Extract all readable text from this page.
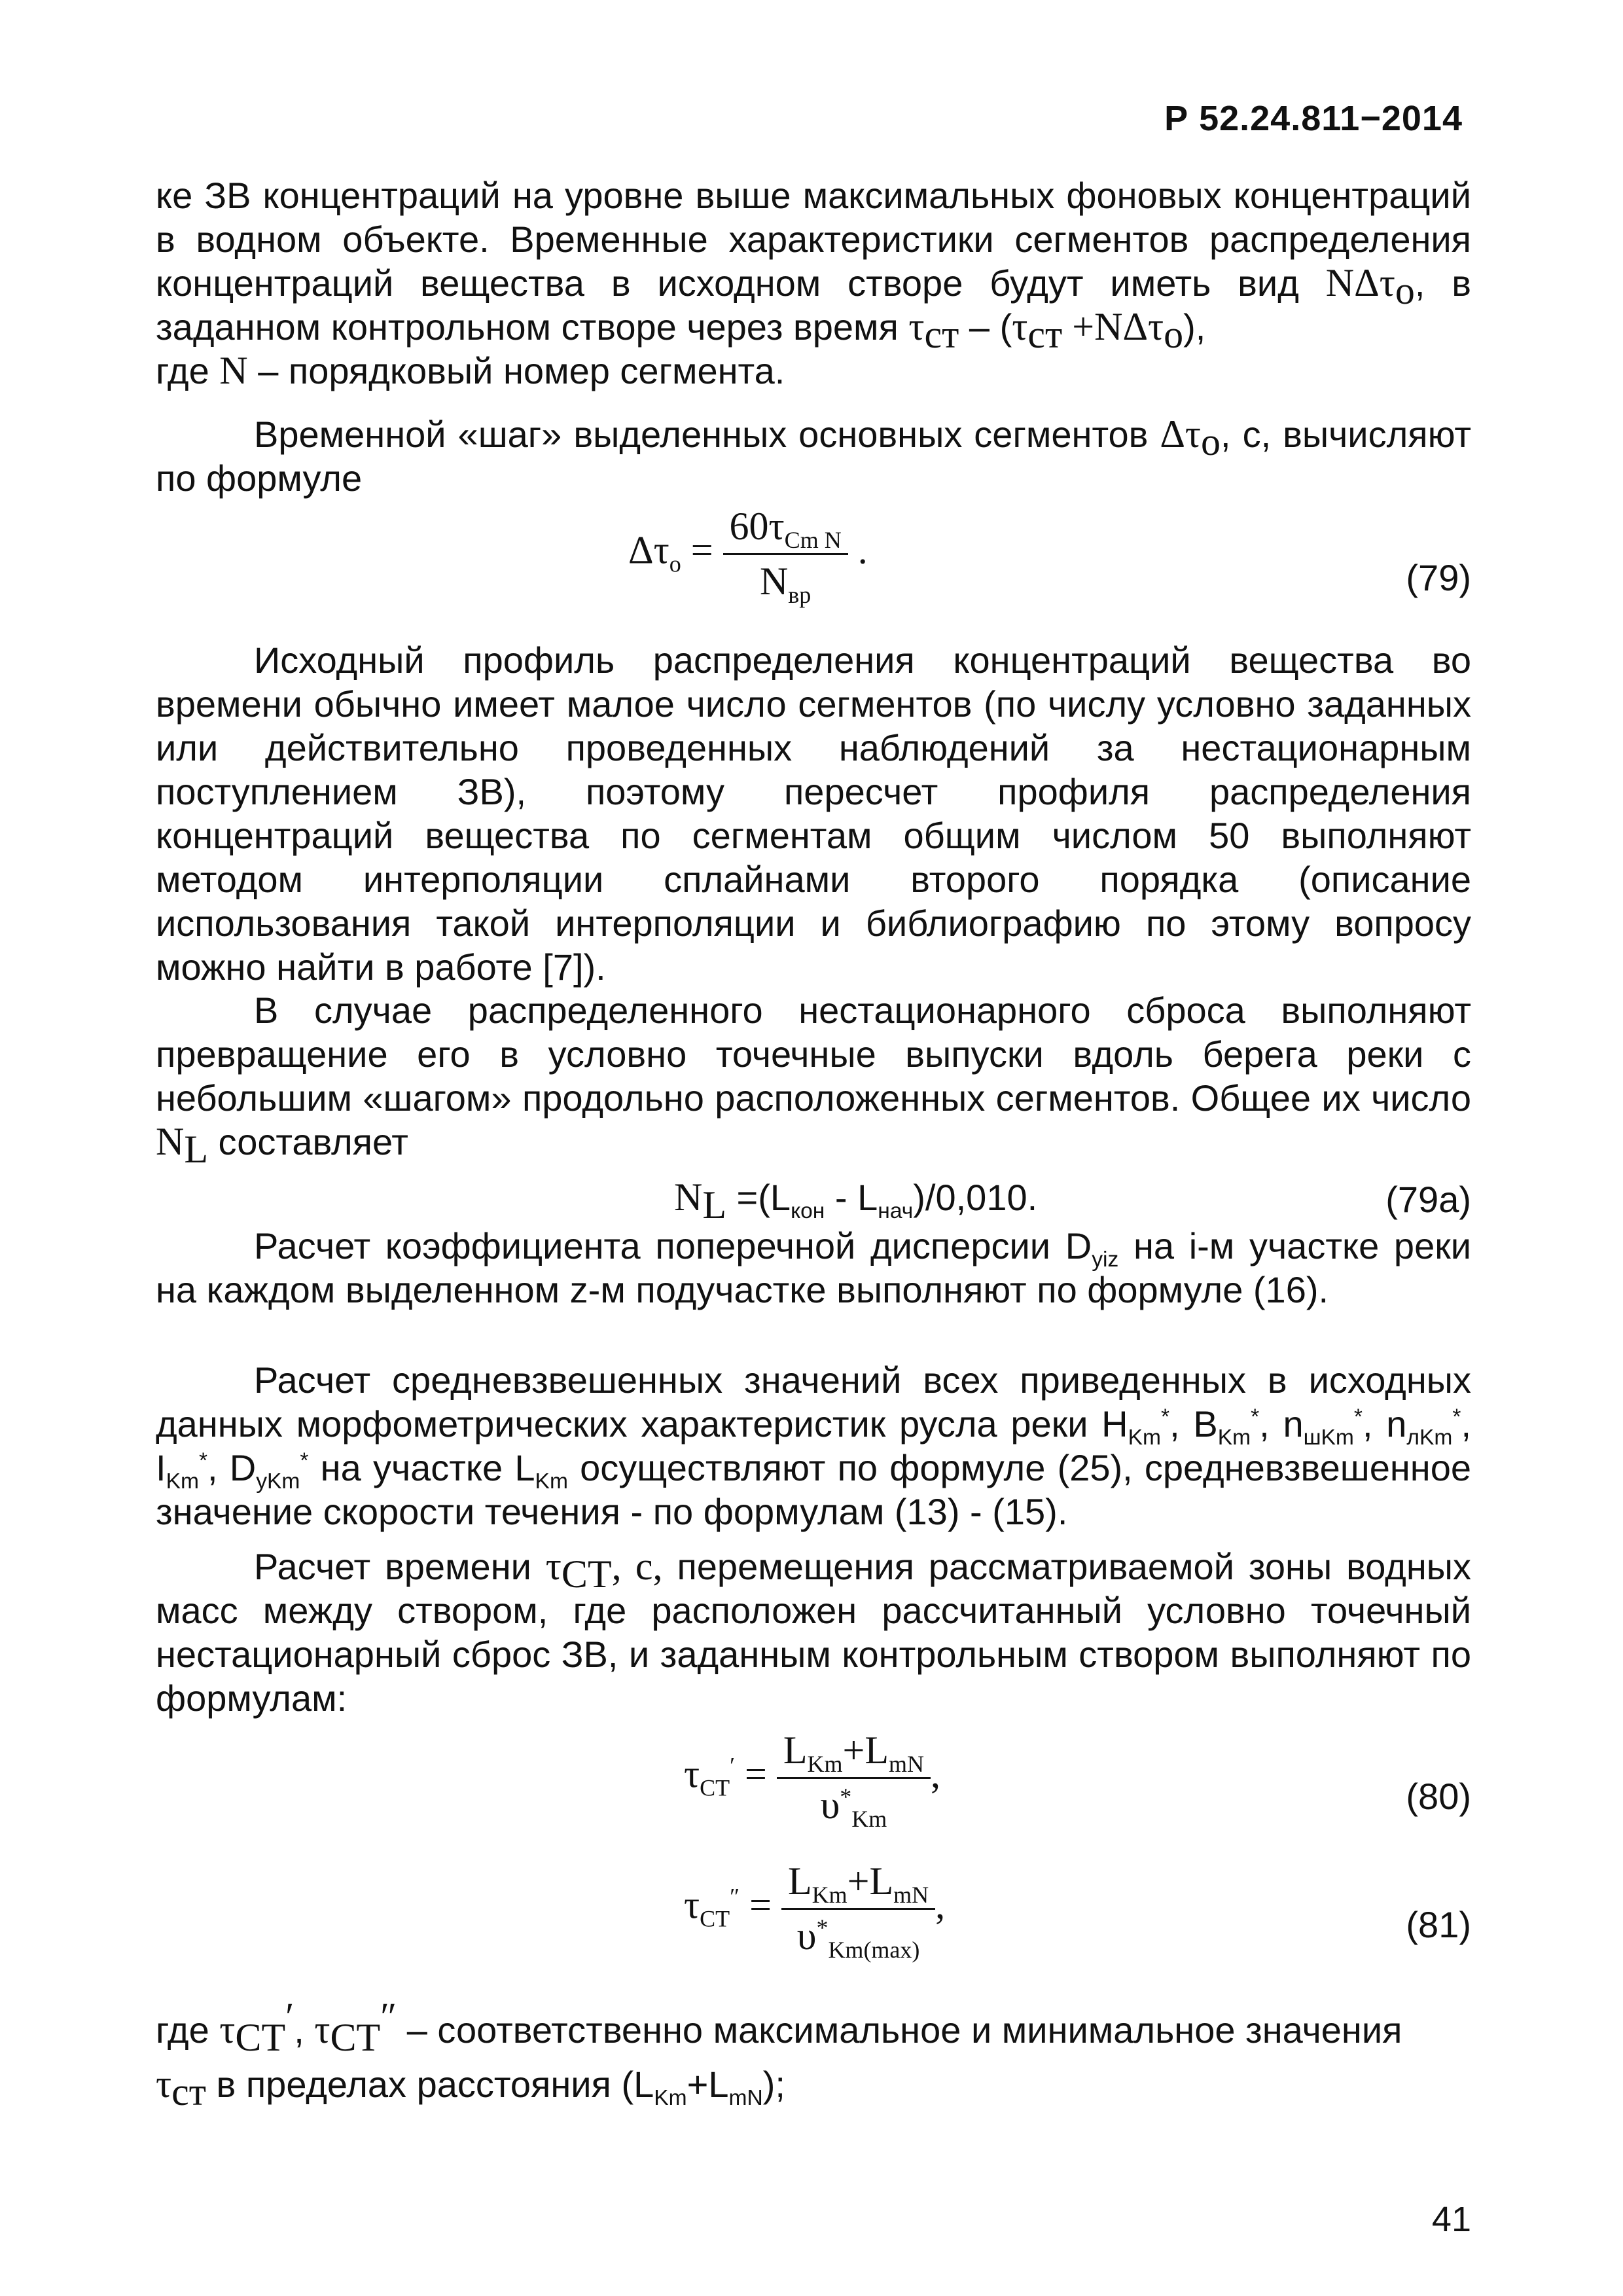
Р 52.24.811−2014
ке ЗВ концентраций на уровне выше максимальных фоновых концентраций в водном объекте. Временные характеристики сегментов распределения концентраций вещества в исходном створе будут иметь вид NΔτ$_о$, в заданном контрольном створе через время $\tau_{ст} - (\tau_{ст} +N\Delta\tau_о)$,
где N – порядковый номер сегмента.
Временной «шаг» выделенных основных сегментов $\Delta\tau_о$, с, вычисляют по формуле
$\Delta\tau_о = \frac{60\tau_{Cm N}}{N_{вр}}$ .
(79)
Исходный профиль распределения концентраций вещества во времени обычно имеет малое число сегментов (по числу условно заданных или действительно проведенных наблюдений за нестационарным поступлением ЗВ), поэтому пересчет профиля распределения концентраций вещества по сегментам общим числом 50 выполняют методом интерполяции сплайнами второго порядка (описание использования такой интерполяции и библиографию по этому вопросу можно найти в работе [7]).
В случае распределенного нестационарного сброса выполняют превращение его в условно точечные выпуски вдоль берега реки с небольшим «шагом» продольно расположенных сегментов. Общее их число $N_L$ составляет
$N_L =(L_{кон} - L_{нач})/0,010$.	(79а)
Расчет коэффициента поперечной дисперсии $D_{yiz}$ на i-м участке реки на каждом выделенном z-м подучастке выполняют по формуле (16).
Расчет средневзвешенных значений всех приведенных в исходных данных морфометрических характеристик русла реки $H_{Km}^*$, $B_{Km}^*$, $n_{шKm}^*$, $n_{лKm}^*$, $I_{Km}^*$, $D_{yKm}^*$ на участке $L_{Km}$ осуществляют по формуле (25), средневзвешенное значение скорости течения - по формулам (13) - (15).
Расчет времени $\tau_{СТ}$, с, перемещения рассматриваемой зоны водных масс между створом, где расположен рассчитанный условно точечный нестационарный сброс ЗВ, и заданным контрольным створом выполняют по формулам:
$\tau_{СТ}' = \frac{L_{Km}+L_{mN}}{\upsilon^*_{Km}}$ ,
(80)
$\tau_{СТ}'' = \frac{L_{Km}+L_{mN}}{\upsilon^*_{Km(max)}}$ ,	(81)
где $\tau_{СТ}'$, $\tau_{СТ}''$ – соответственно максимальное и минимальное значения
$\tau_{ст}$ в пределах расстояния $(L_{Km}+L_{mN})$;
41
